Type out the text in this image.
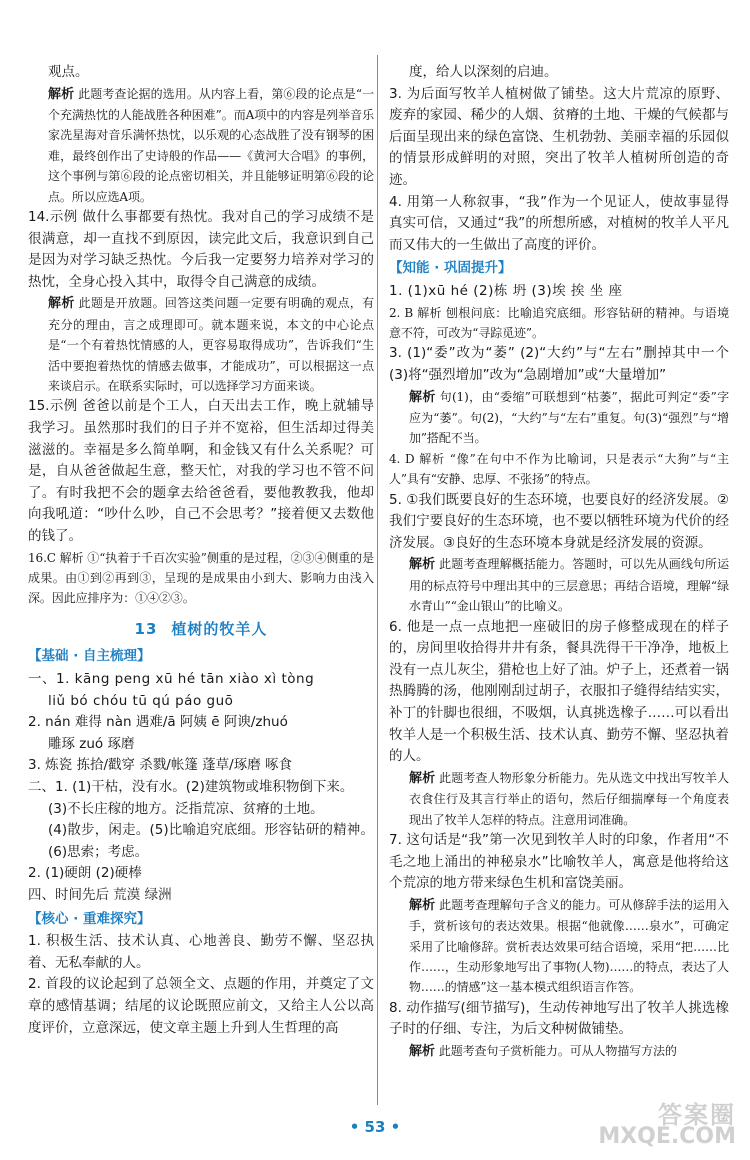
观点。

解析 此题考查论据的选用。从内容上看，第⑥段的论点是“一个充满热忱的人能战胜各种困难”。而A项中的内容是列举音乐家冼星海对音乐满怀热忱，以乐观的心态战胜了没有钢琴的困难，最终创作出了史诗般的作品——《黄河大合唱》的事例，这个事例与第⑥段的论点密切相关，并且能够证明第⑥段的论点。所以应选A项。

14.示例 做什么事都要有热忱。我对自己的学习成绩不是很满意，却一直找不到原因，读完此文后，我意识到自己是因为对学习缺乏热忱。今后我一定要努力培养对学习的热忱，全身心投入其中，取得令自己满意的成绩。

解析 此题是开放题。回答这类问题一定要有明确的观点，有充分的理由，言之成理即可。就本题来说，本文的中心论点是“一个有着热忱情感的人，更容易取得成功”，告诉我们“生活中要抱着热忱的情感去做事，才能成功”，可以根据这一点来谈启示。在联系实际时，可以选择学习方面来谈。

15.示例 爸爸以前是个工人，白天出去工作，晚上就辅导我学习。虽然那时我们的日子并不宽裕，但生活却过得美滋滋的。幸福是多么简单啊，和金钱又有什么关系呢？可是，自从爸爸做起生意，整天忙，对我的学习也不管不问了。有时我把不会的题拿去给爸爸看，要他教教我，他却向我吼道：“吵什么吵，自己不会思考？”接着便又去数他的钱了。

16.C 解析 ①“执着于千百次实验”侧重的是过程，②③④侧重的是成果。由①到②再到③，呈现的是成果由小到大、影响力由浅入深。因此应排序为：①④②③。

13 植树的牧羊人
【基础 · 自主梳理】

一、1. kāng peng xū hé tān xiào xì tòng

liǔ bó chóu tū qú páo guō

2. nán 难得 nàn 遇难/ā 阿姨 ē 阿谀/zhuó

雕琢 zuó 琢磨

3. 炼瓷 拣拾/戳穿 杀戮/帐篷 蓬草/琢磨 啄食

二、1. (1)干枯，没有水。(2)建筑物或堆积物倒下来。

(3)不长庄稼的地方。泛指荒凉、贫瘠的土地。

(4)散步，闲走。(5)比喻追究底细。形容钻研的精神。(6)思索；考虑。

2. (1)硬朗 (2)硬棒

四、时间先后 荒漠 绿洲

【核心 · 重难探究】

1. 积极生活、技术认真、心地善良、勤劳不懈、坚忍执着、无私奉献的人。

2. 首段的议论起到了总领全文、点题的作用，并奠定了文章的感情基调；结尾的议论既照应前文，又给主人公以高度评价，立意深远，使文章主题上升到人生哲理的高

度，给人以深刻的启迪。

3. 为后面写牧羊人植树做了铺垫。这大片荒凉的原野、废弃的家园、稀少的人烟、贫瘠的土地、干燥的气候都与后面呈现出来的绿色富饶、生机勃勃、美丽幸福的乐园似的情景形成鲜明的对照，突出了牧羊人植树所创造的奇迹。

4. 用第一人称叙事，“我”作为一个见证人，使故事显得真实可信，又通过“我”的所想所感，对植树的牧羊人平凡而又伟大的一生做出了高度的评价。

【知能 · 巩固提升】

1. (1)xū hé (2)栋 坍 (3)埃 挨 坐 座

2. B 解析 刨根问底：比喻追究底细。形容钻研的精神。与语境意不符，可改为“寻踪觅迹”。

3. (1)“委”改为“萎” (2)“大约”与“左右”删掉其中一个 (3)将“强烈增加”改为“急剧增加”或“大量增加”

解析 句(1)，由“委缩”可联想到“枯萎”，据此可判定“委”字应为“萎”。句(2)，“大约”与“左右”重复。句(3)“强烈”与“增加”搭配不当。

4. D 解析 “像”在句中不作为比喻词，只是表示“大狗”与“主人”具有“安静、忠厚、不张扬”的特点。

5. ①我们既要良好的生态环境，也要良好的经济发展。②我们宁要良好的生态环境，也不要以牺牲环境为代价的经济发展。③良好的生态环境本身就是经济发展的资源。

解析 此题考查理解概括能力。答题时，可以先从画线句所运用的标点符号中理出其中的三层意思；再结合语境，理解“绿水青山”“金山银山”的比喻义。

6. 他是一点一点地把一座破旧的房子修整成现在的样子的，房间里收拾得井井有条，餐具洗得干干净净，地板上没有一点儿灰尘，猎枪也上好了油。炉子上，还煮着一锅热腾腾的汤，他刚刚刮过胡子，衣服扣子缝得结结实实，补丁的针脚也很细，不吸烟，认真挑选橡子……可以看出牧羊人是一个积极生活、技术认真、勤劳不懈、坚忍执着的人。

解析 此题考查人物形象分析能力。先从选文中找出写牧羊人衣食住行及其言行举止的语句，然后仔细揣摩每一个角度表现出了牧羊人怎样的特点。注意用词准确。

7. 这句话是“我”第一次见到牧羊人时的印象，作者用“不毛之地上涌出的神秘泉水”比喻牧羊人，寓意是他将给这个荒凉的地方带来绿色生机和富饶美丽。

解析 此题考查理解句子含义的能力。可从修辞手法的运用入手，赏析该句的表达效果。根据“他就像……泉水”，可确定采用了比喻修辞。赏析表达效果可结合语境，采用“把……比作……，生动形象地写出了事物(人物)……的特点，表达了人物……的情感”这一基本模式组织语言作答。

8. 动作描写(细节描写)，生动传神地写出了牧羊人挑选橡子时的仔细、专注，为后文种树做铺垫。

解析 此题考查句子赏析能力。可从人物描写方法的

• 53 •	答案圈
MXQE.COM
